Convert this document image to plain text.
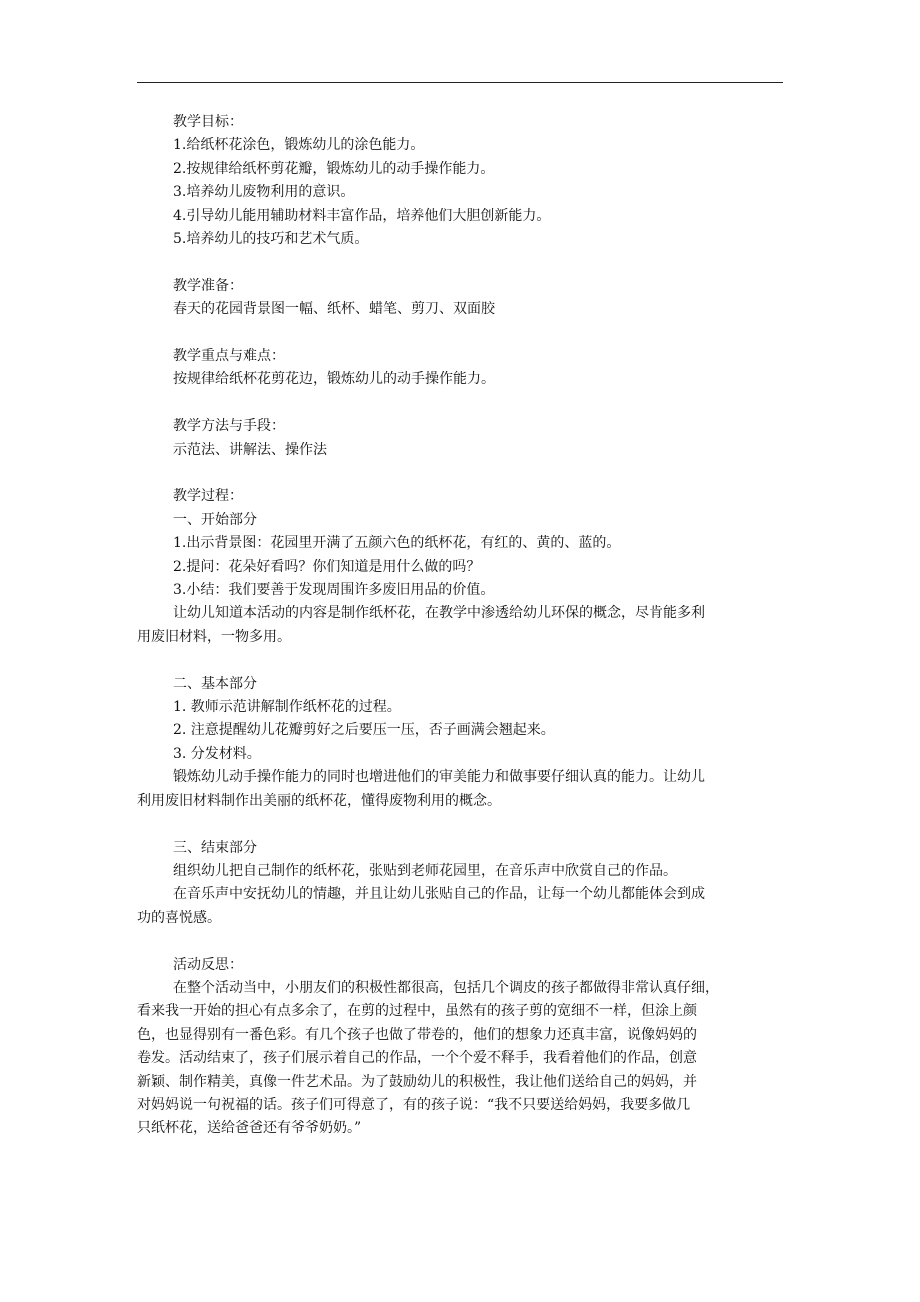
教学目标：
1.给纸杯花涂色，锻炼幼儿的涂色能力。
2.按规律给纸杯剪花瓣，锻炼幼儿的动手操作能力。
3.培养幼儿废物利用的意识。
4.引导幼儿能用辅助材料丰富作品，培养他们大胆创新能力。
5.培养幼儿的技巧和艺术气质。
教学准备：
春天的花园背景图一幅、纸杯、蜡笔、剪刀、双面胶
教学重点与难点：
按规律给纸杯花剪花边，锻炼幼儿的动手操作能力。
教学方法与手段：
示范法、讲解法、操作法
教学过程：
一、开始部分
1.出示背景图：花园里开满了五颜六色的纸杯花，有红的、黄的、蓝的。
2.提问：花朵好看吗？你们知道是用什么做的吗？
3.小结：我们要善于发现周围许多废旧用品的价值。
让幼儿知道本活动的内容是制作纸杯花，在教学中渗透给幼儿环保的概念，尽肯能多利
用废旧材料，一物多用。
二、基本部分
1. 教师示范讲解制作纸杯花的过程。
2. 注意提醒幼儿花瓣剪好之后要压一压，否子画满会翘起来。
3. 分发材料。
锻炼幼儿动手操作能力的同时也增进他们的审美能力和做事要仔细认真的能力。让幼儿
利用废旧材料制作出美丽的纸杯花，懂得废物利用的概念。
三、结束部分
组织幼儿把自己制作的纸杯花，张贴到老师花园里，在音乐声中欣赏自己的作品。
在音乐声中安抚幼儿的情趣，并且让幼儿张贴自己的作品，让每一个幼儿都能体会到成
功的喜悦感。
活动反思：
在整个活动当中，小朋友们的积极性都很高，包括几个调皮的孩子都做得非常认真仔细，
看来我一开始的担心有点多余了，在剪的过程中，虽然有的孩子剪的宽细不一样，但涂上颜
色，也显得别有一番色彩。有几个孩子也做了带卷的，他们的想象力还真丰富，说像妈妈的
卷发。活动结束了，孩子们展示着自己的作品，一个个爱不释手，我看着他们的作品，创意
新颖、制作精美，真像一件艺术品。为了鼓励幼儿的积极性，我让他们送给自己的妈妈，并
对妈妈说一句祝福的话。孩子们可得意了，有的孩子说：“我不只要送给妈妈，我要多做几
只纸杯花，送给爸爸还有爷爷奶奶。”
